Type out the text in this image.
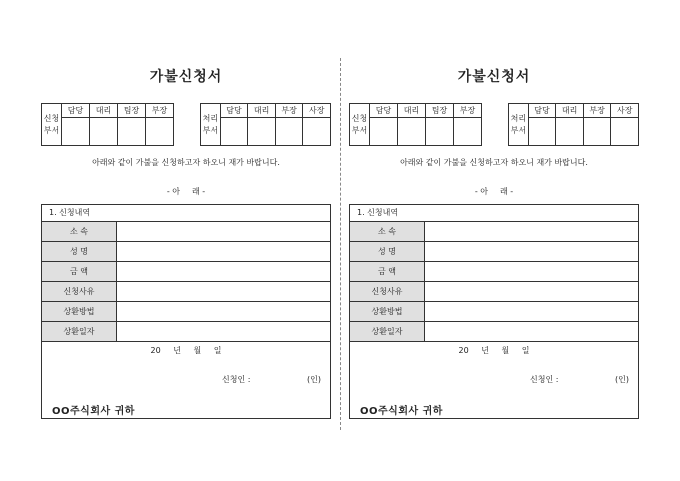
가불신청서
신청
부서	담당	대리	팀장	부장

처리
부서	담당	대리	부장	사장

아래와 같이 가불을 신청하고자 하오니 재가 바랍니다.
- 아 래 -
1. 신청내역
소 속
성 명
금 액
신청사유
상환방법
상환일자
20 년 월 일
신청인 :	(인)
OO주식회사 귀하
가불신청서
신청
부서	담당	대리	팀장	부장

처리
부서	담당	대리	부장	사장

아래와 같이 가불을 신청하고자 하오니 재가 바랍니다.
- 아 래 -
1. 신청내역
소 속
성 명
금 액
신청사유
상환방법
상환일자
20 년 월 일
신청인 :	(인)
OO주식회사 귀하
